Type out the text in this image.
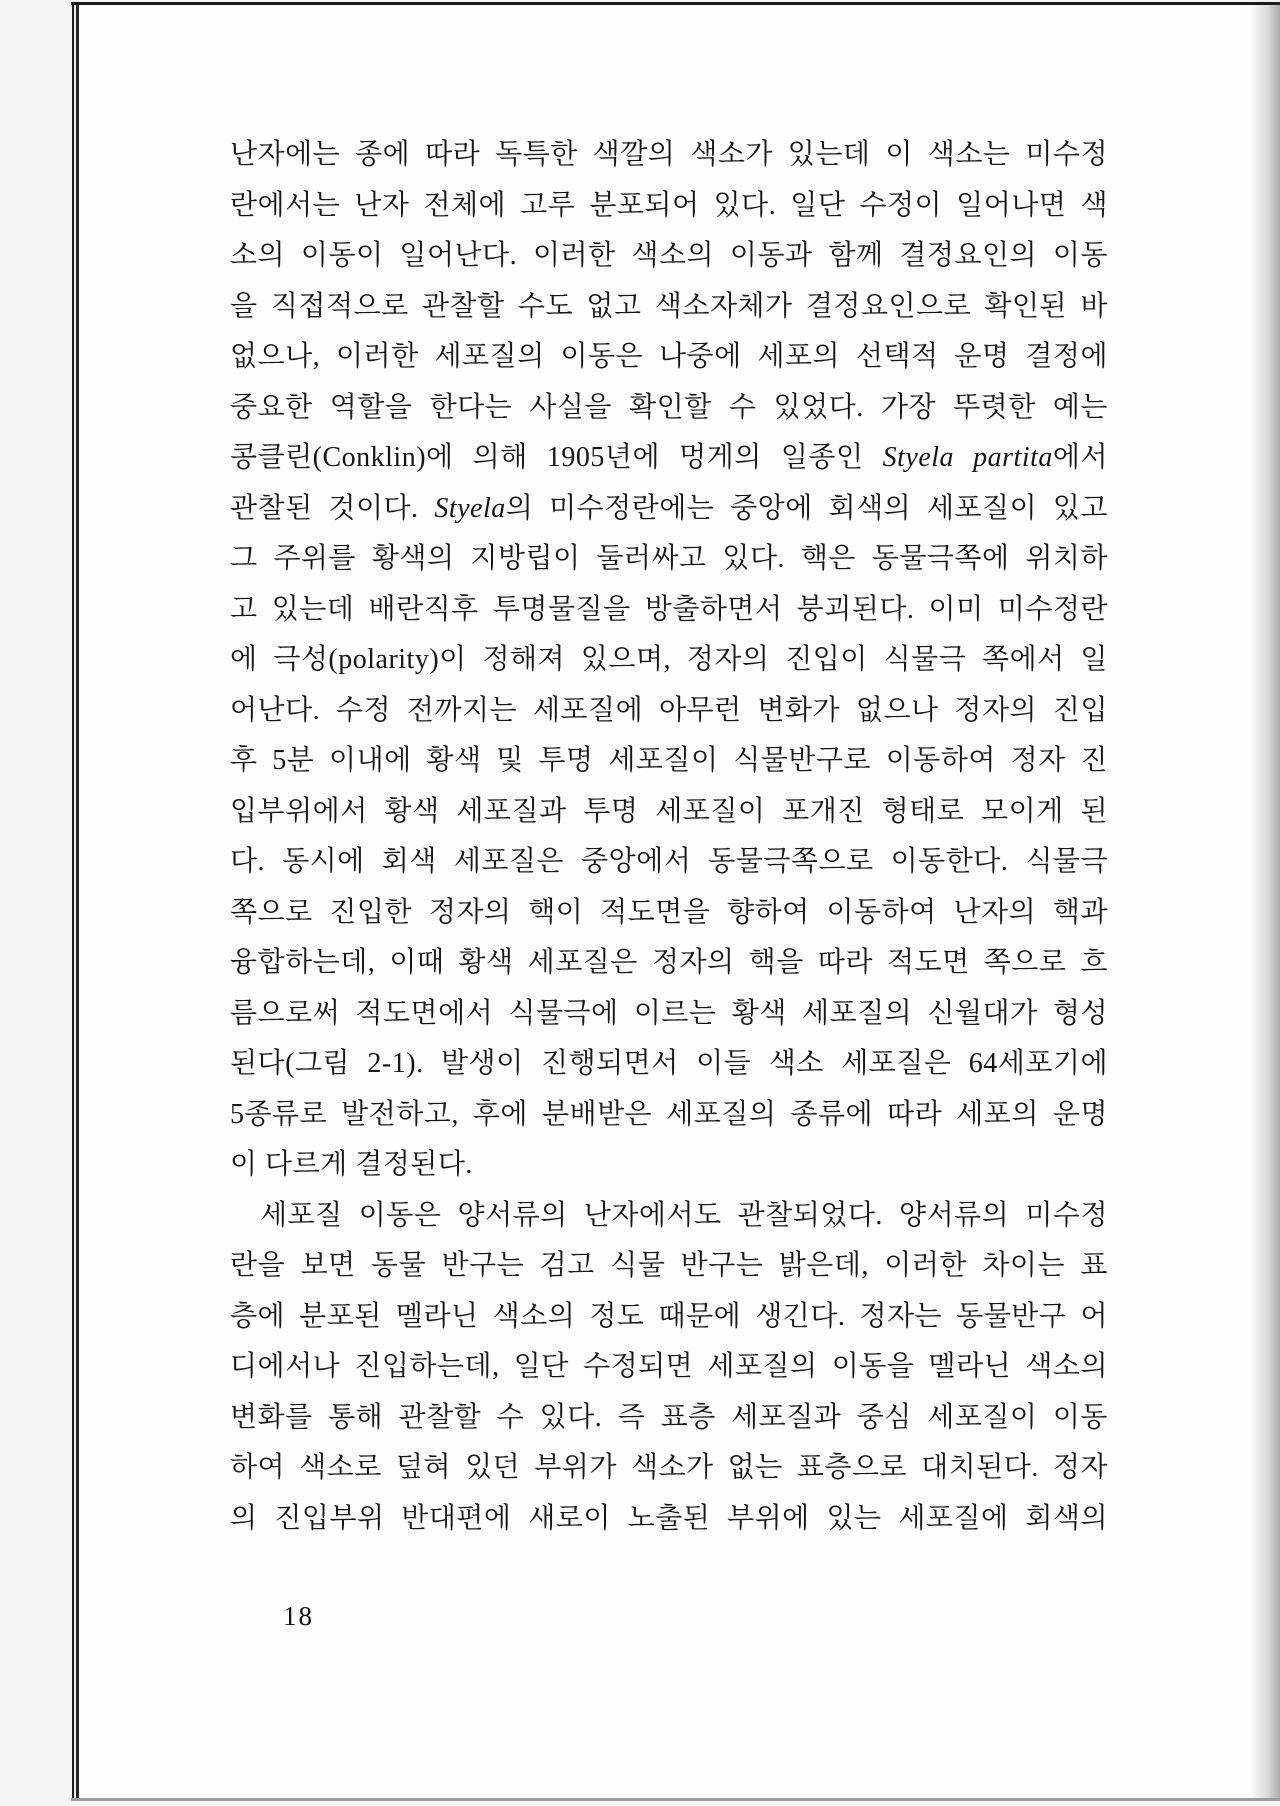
난자에는 종에 따라 독특한 색깔의 색소가 있는데 이 색소는 미수정
란에서는 난자 전체에 고루 분포되어 있다. 일단 수정이 일어나면 색
소의 이동이 일어난다. 이러한 색소의 이동과 함께 결정요인의 이동
을 직접적으로 관찰할 수도 없고 색소자체가 결정요인으로 확인된 바
없으나, 이러한 세포질의 이동은 나중에 세포의 선택적 운명 결정에
중요한 역할을 한다는 사실을 확인할 수 있었다. 가장 뚜렷한 예는
콩클린(Conklin)에 의해 1905년에 멍게의 일종인 Styela partita에서
관찰된 것이다. Styela의 미수정란에는 중앙에 회색의 세포질이 있고
그 주위를 황색의 지방립이 둘러싸고 있다. 핵은 동물극쪽에 위치하
고 있는데 배란직후 투명물질을 방출하면서 붕괴된다. 이미 미수정란
에 극성(polarity)이 정해져 있으며, 정자의 진입이 식물극 쪽에서 일
어난다. 수정 전까지는 세포질에 아무런 변화가 없으나 정자의 진입
후 5분 이내에 황색 및 투명 세포질이 식물반구로 이동하여 정자 진
입부위에서 황색 세포질과 투명 세포질이 포개진 형태로 모이게 된
다. 동시에 회색 세포질은 중앙에서 동물극쪽으로 이동한다. 식물극
쪽으로 진입한 정자의 핵이 적도면을 향하여 이동하여 난자의 핵과
융합하는데, 이때 황색 세포질은 정자의 핵을 따라 적도면 쪽으로 흐
름으로써 적도면에서 식물극에 이르는 황색 세포질의 신월대가 형성
된다(그림 2-1). 발생이 진행되면서 이들 색소 세포질은 64세포기에
5종류로 발전하고, 후에 분배받은 세포질의 종류에 따라 세포의 운명
이 다르게 결정된다.
세포질 이동은 양서류의 난자에서도 관찰되었다. 양서류의 미수정
란을 보면 동물 반구는 검고 식물 반구는 밝은데, 이러한 차이는 표
층에 분포된 멜라닌 색소의 정도 때문에 생긴다. 정자는 동물반구 어
디에서나 진입하는데, 일단 수정되면 세포질의 이동을 멜라닌 색소의
변화를 통해 관찰할 수 있다. 즉 표층 세포질과 중심 세포질이 이동
하여 색소로 덮혀 있던 부위가 색소가 없는 표층으로 대치된다. 정자
의 진입부위 반대편에 새로이 노출된 부위에 있는 세포질에 회색의
18
